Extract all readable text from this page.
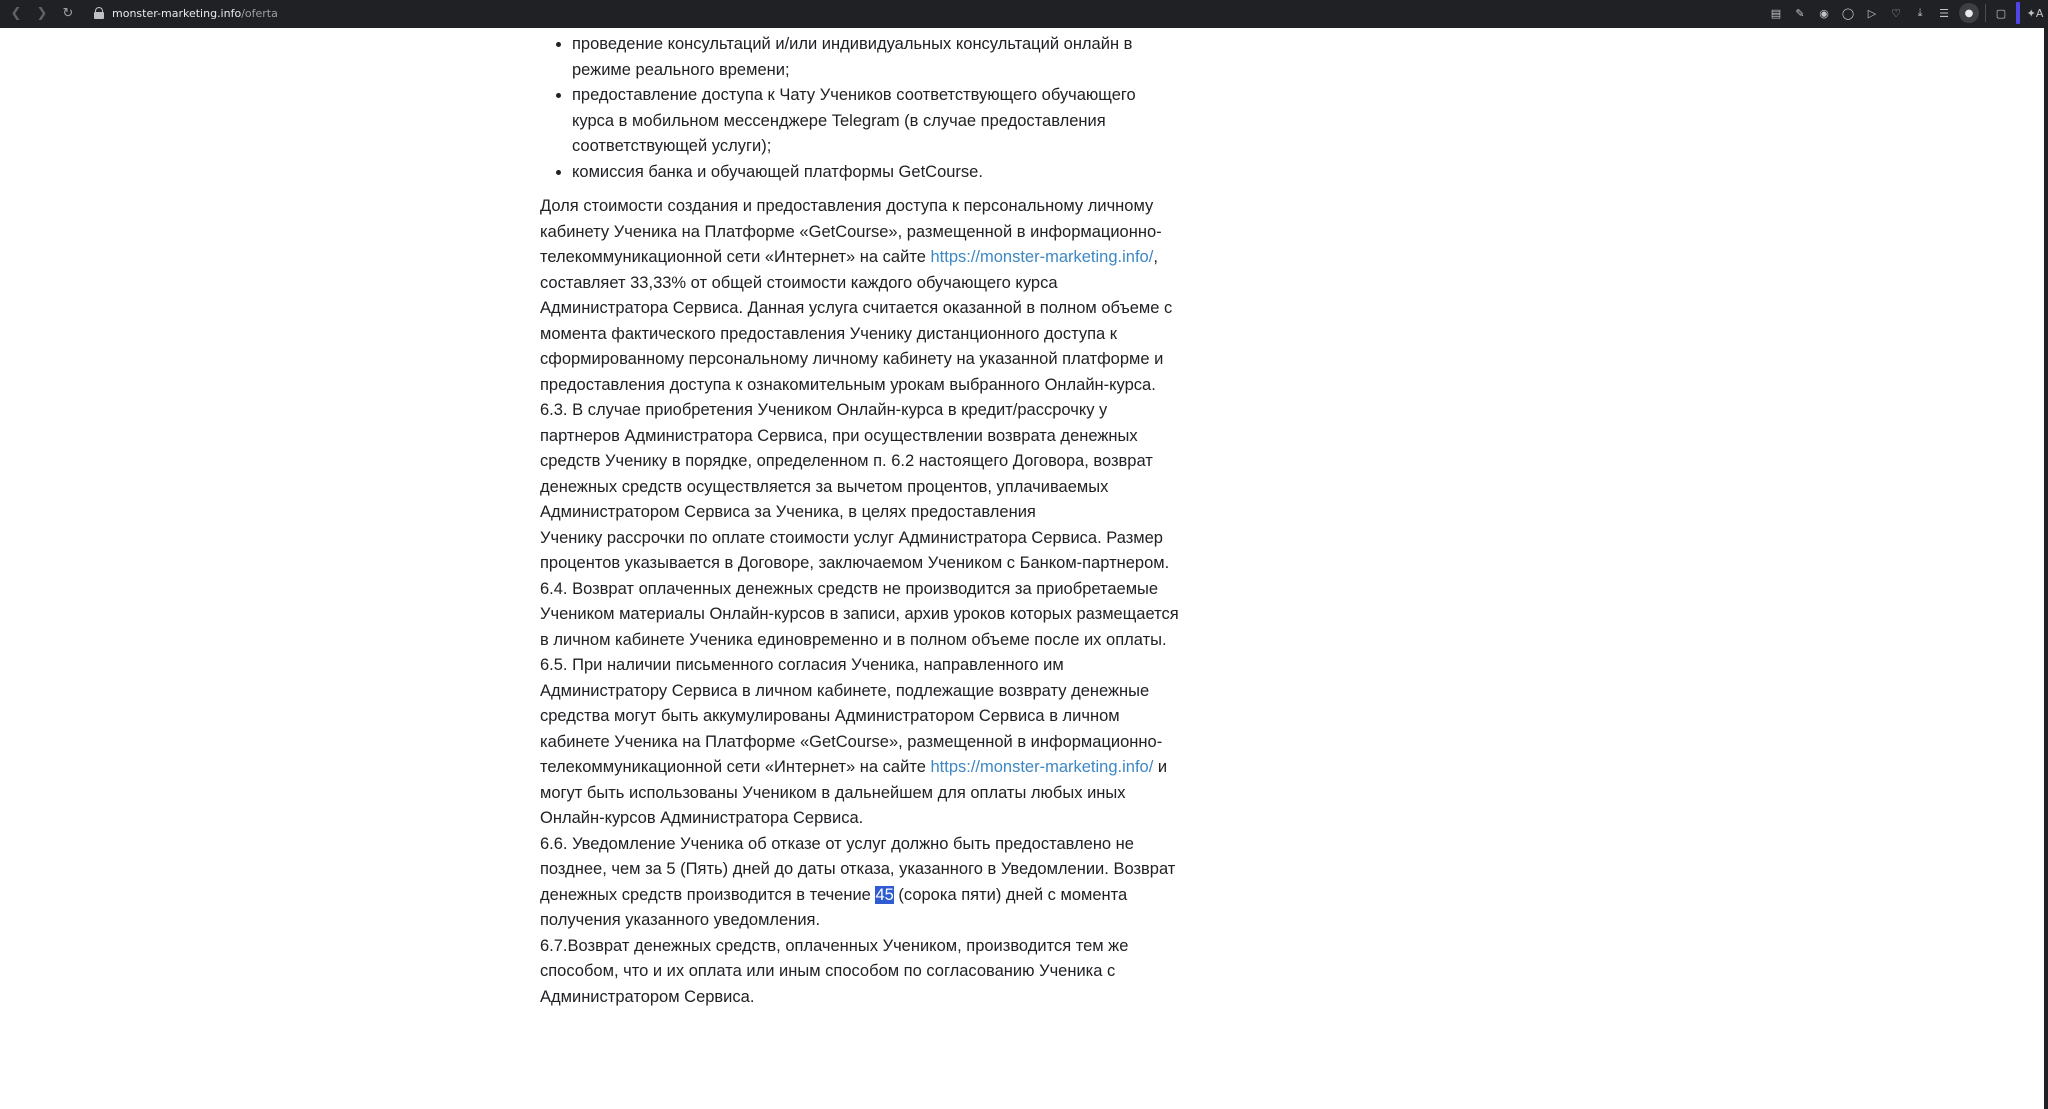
❮	❯	↻	monster-marketing.info/oferta	▤	✎	◉	◯	▷	♡	⤓	☰	●	▢	✦ A
• проведение консультаций и/или индивидуальных консультаций онлайн в режиме реального времени;
• предоставление доступа к Чату Учеников соответствующего обучающего курса в мобильном мессенджере Telegram (в случае предоставления соответствующей услуги);
• комиссия банка и обучающей платформы GetCourse.

Доля стоимости создания и предоставления доступа к персональному личному кабинету Ученика на Платформе «GetCourse», размещенной в информационно-телекоммуникационной сети «Интернет» на сайте https://monster-marketing.info/, составляет 33,33% от общей стоимости каждого обучающего курса Администратора Сервиса. Данная услуга считается оказанной в полном объеме с момента фактического предоставления Ученику дистанционного доступа к сформированному персональному личному кабинету на указанной платформе и предоставления доступа к ознакомительным урокам выбранного Онлайн-курса.

6.3. В случае приобретения Учеником Онлайн-курса в кредит/рассрочку у партнеров Администратора Сервиса, при осуществлении возврата денежных средств Ученику в порядке, определенном п. 6.2 настоящего Договора, возврат денежных средств осуществляется за вычетом процентов, уплачиваемых Администратором Сервиса за Ученика, в целях предоставления
Ученику рассрочки по оплате стоимости услуг Администратора Сервиса. Размер процентов указывается в Договоре, заключаемом Учеником с Банком-партнером.

6.4. Возврат оплаченных денежных средств не производится за приобретаемые Учеником материалы Онлайн-курсов в записи, архив уроков которых размещается в личном кабинете Ученика единовременно и в полном объеме после их оплаты.

6.5. При наличии письменного согласия Ученика, направленного им Администратору Сервиса в личном кабинете, подлежащие возврату денежные средства могут быть аккумулированы Администратором Сервиса в личном кабинете Ученика на Платформе «GetCourse», размещенной в информационно-телекоммуникационной сети «Интернет» на сайте https://monster-marketing.info/ и могут быть использованы Учеником в дальнейшем для оплаты любых иных Онлайн-курсов Администратора Сервиса.

6.6. Уведомление Ученика об отказе от услуг должно быть предоставлено не позднее, чем за 5 (Пять) дней до даты отказа, указанного в Уведомлении. Возврат денежных средств производится в течение 45 (сорока пяти) дней с момента получения указанного уведомления.

6.7.Возврат денежных средств, оплаченных Учеником, производится тем же способом, что и их оплата или иным способом по согласованию Ученика с Администратором Сервиса.
